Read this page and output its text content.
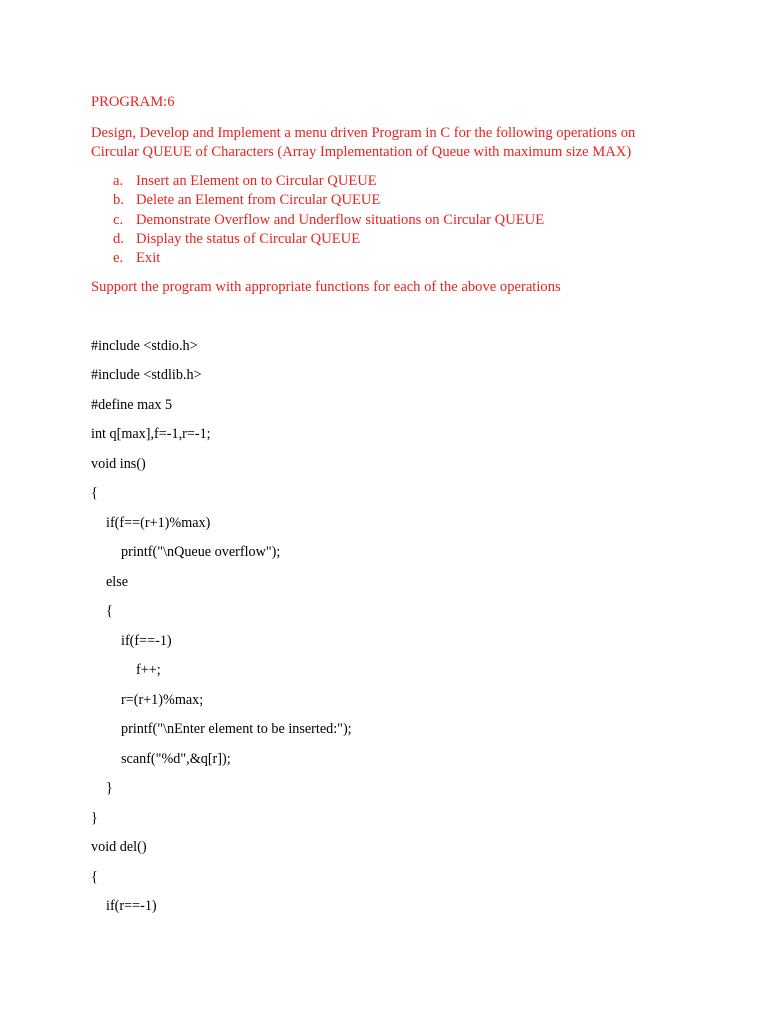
PROGRAM:6
Design, Develop and Implement a menu driven Program in C for the following operations on
Circular QUEUE of Characters (Array Implementation of Queue with maximum size MAX)
a. Insert an Element on to Circular QUEUE
b. Delete an Element from Circular QUEUE
c. Demonstrate Overflow and Underflow situations on Circular QUEUE
d. Display the status of Circular QUEUE
e. Exit
Support the program with appropriate functions for each of the above operations
#include <stdio.h>
#include <stdlib.h>
#define max 5
int q[max],f=-1,r=-1;
void ins()
{
if(f==(r+1)%max)
printf("\nQueue overflow");
else
{
if(f==-1)
f++;
r=(r+1)%max;
printf("\nEnter element to be inserted:");
scanf("%d",&q[r]);
}
}
void del()
{
if(r==-1)
